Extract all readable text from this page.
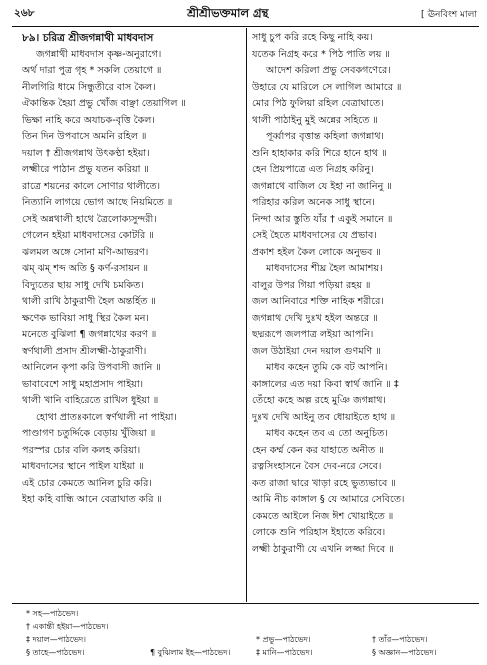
২৬৮	শ্রীশ্রীভক্তমাল গ্রন্থ	[ ঊনবিংশ মালা
৮৯। চরিত্র শ্রীজগন্নাথী মাধবদাস
জগন্নাথী মাধবদাস কৃষ্ণ-অনুরাগে।
অর্থ দারা পুত্র গৃহ * সকলি তেয়াগে ॥
নীলগিরি ধামে সিন্ধুতীরে বাস কৈল।
ঐকান্তিক হৈয়া প্রভু খোঁজ বাঞ্ছা তেয়াগিল ॥
ভিক্ষা নাহি করে অযাচক-বৃত্তি কৈল।
তিন দিন উপবাসে অমনি রহিল ॥
দয়াল † শ্রীজগন্নাথ উৎকণ্ঠা হইয়া।
লক্ষ্মীরে পাঠান প্রভু যতন করিয়া ॥
রাত্রে শয়নের কালে সোণার থালীতে।
নিত্যানি লাগয়ে ভোগ আছে নিয়মিতে ॥
সেই অন্নথালী হাথে ত্রৈলোক্যসুন্দরী।
গেলেন হইয়া মাধবদাসের কোটরি ॥
ঝলমল অঙ্গে সোনা মণি-আভরণ।
ঝম্ ঝম্ শব্দ অতি § কর্ণ-রসায়ন ॥
বিদ্যুতের ছায় সাধু দেখি চমকিত।
থালী রাখি ঠাকুরাণী হৈল অন্তর্হিত ॥
ক্ষণেক ভাবিয়া সাধু স্থির কৈল মন।
মনেতে বুঝিলা ¶ জগন্নাথের করণ ॥
স্বর্ণথালী প্রসাদ শ্রীলক্ষ্মী-ঠাকুরাণী।
আনিলেন কৃপা করি উপবাসী জানি ॥
ভাবাবেশে সাধু মহাপ্রসাদ পাইয়া।
থালী খানি বাহিরেতে রাখিল ধুইয়া ॥
হোথা প্রাতঃকালে স্বর্ণথালী না পাইয়া।
পাণ্ডাগণ চতুর্দ্দিকে বেড়ায় খুঁজিয়া ॥
পরস্পর চোর বলি কলহ করিয়া।
মাধবদাসের স্থানে পাইল যাইয়া ॥
এই চোর কেমতে আনিল চুরি করি।
ইহা কহি বান্ধি আনে বেত্রাঘাত করি ॥
সাধু চুপ করি রহে কিছু নাহি কয়।
যতেক নিগ্রহ করে * পিঠ পাতি লয় ॥
আদেশ করিলা প্রভু সেবকগণেরে।
উহারে যে মারিলে সে লাগিল আমারে ॥
মোর পিঠ ফুলিয়া রহিল বেত্রাঘাতে।
থালী পাঠাইনু মুই অন্নের সহিতে ॥
পূর্ব্বাপর বৃত্তান্ত কহিলা জগন্নাথ।
শুনি হাহাকার করি শিরে হানে হাথ ॥
হেন প্রিয়পাত্রে এত নিগ্রহ করিনু।
জগন্নাথে বাজিল যে ইহা না জানিনু ॥
পরিহার করিল অনেক সাধু স্থানে।
নিন্দা আর স্তুতি যাঁর † একুই সমানে ॥
সেই হৈতে মাধবদাসের যে প্রভাব।
প্রকাশ হইল কৈল লোকে অনুভব ॥
মাধবদাসের শীঘ্র হৈল আমাশয়।
বালুর উপর গিয়া পড়িয়া রহয় ॥
জল আনিবারে শক্তি নাহিক শরীরে।
জগন্নাথ দেখি দুঃখ হইল অন্তরে ॥
ছদ্মরূপে জলপাত্র লইয়া আপনি।
জল উঠাইয়া দেন দয়াল গুণমণি ॥
মাধব কহেন তুমি কে বট আপনি।
কাঙ্গালের এত দয়া কিবা স্বার্থ জানি ॥ ‡
তেঁহো কহে অল্প রহে মুঞি জগন্নাথ।
দুঃখ দেখি আইনু তব ধোয়াইতে হাথ ॥
মাধব কহেন তব এ তো অনুচিত।
হেন কর্ম্ম কেন কর যাহাতে অনীত ॥
রত্নসিংহাসনে বৈস দেব-নরে সেবে।
কত রাজা দ্বারে খাড়া রহে ভুত্যভাবে ॥
আমি নীচ কাঙ্গাল § যে আমারে সেবিতে।
কেমতে আইলে নিজ ঈশ খোয়াইতে ॥
লোকে শুনি পরিহাস ইহাতে করিবে।
লক্ষ্মী ঠাকুরাণী যে এখনি লজ্জা দিবে ॥
* সহ—পাঠভেদ।
† একান্তী হইয়া—পাঠভেদ।
‡ দয়াল—পাঠভেদ।
§ তাহে—পাঠভেদ।	¶ বুঝিলাম ইহ—পাঠভেদ।
* প্রভু—পাঠভেদ।	† তাঁর—পাঠভেদ।
‡ মানি—পাঠভেদ।	§ অজ্ঞান—পাঠভেদ।
